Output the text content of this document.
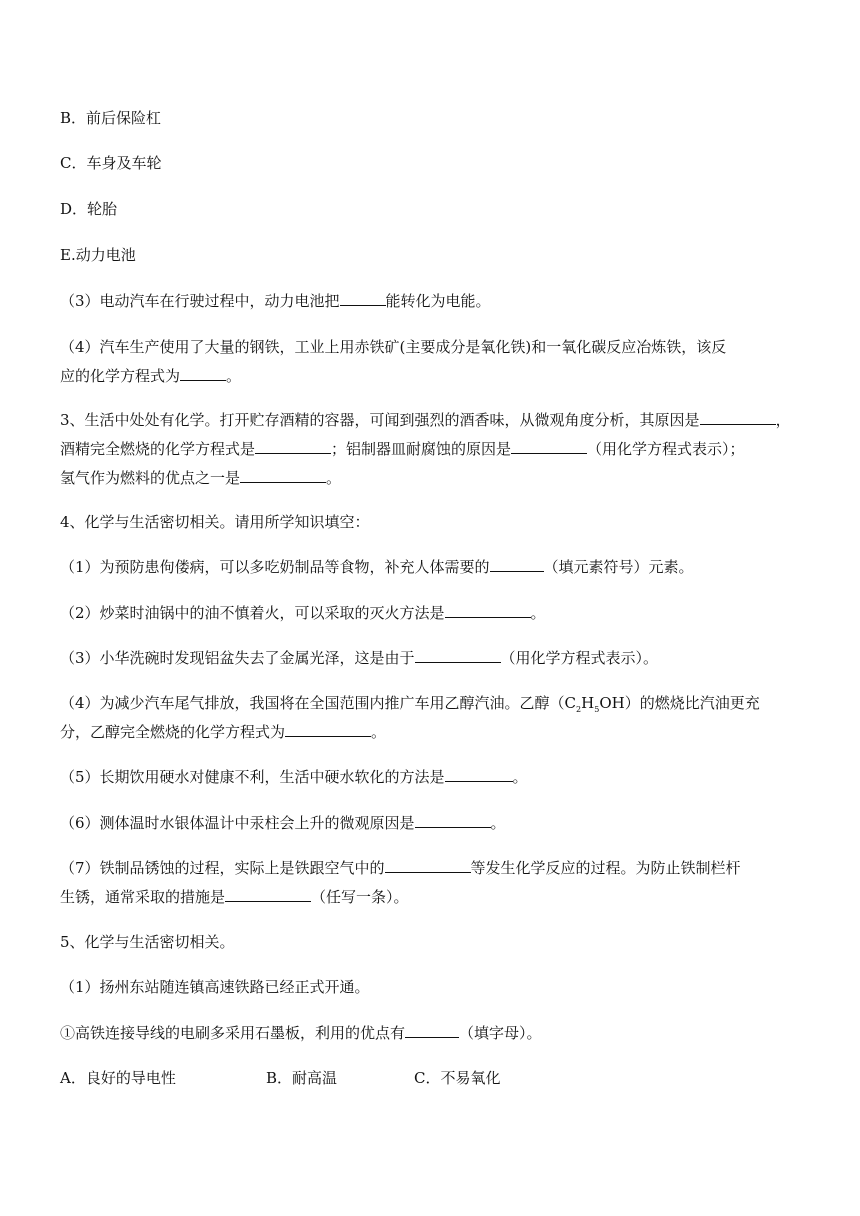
B．前后保险杠
C．车身及车轮
D．轮胎
E.动力电池
（3）电动汽车在行驶过程中，动力电池把	能转化为电能。
（4）汽车生产使用了大量的钢铁，工业上用赤铁矿(主要成分是氧化铁)和一氧化碳反应冶炼铁，该反
应的化学方程式为	。
3、生活中处处有化学。打开贮存酒精的容器，可闻到强烈的酒香味，从微观角度分析，其原因是	，
酒精完全燃烧的化学方程式是	；铝制器皿耐腐蚀的原因是	（用化学方程式表示）；
氢气作为燃料的优点之一是	。
4、化学与生活密切相关。请用所学知识填空：
（1）为预防患佝偻病，可以多吃奶制品等食物，补充人体需要的	（填元素符号）元素。
（2）炒菜时油锅中的油不慎着火，可以采取的灭火方法是	。
（3）小华洗碗时发现铝盆失去了金属光泽，这是由于	（用化学方程式表示）。
（4）为减少汽车尾气排放，我国将在全国范围内推广车用乙醇汽油。乙醇$(C_2H_5OH)$的燃烧比汽油更充
分，乙醇完全燃烧的化学方程式为	。
（5）长期饮用硬水对健康不利，生活中硬水软化的方法是	。
（6）测体温时水银体温计中汞柱会上升的微观原因是	。
（7）铁制品锈蚀的过程，实际上是铁跟空气中的	等发生化学反应的过程。为防止铁制栏杆
生锈，通常采取的措施是	（任写一条）。
5、化学与生活密切相关。
（1）扬州东站随连镇高速铁路已经正式开通。
①高铁连接导线的电刷多采用石墨板，利用的优点有	（填字母）。
A．良好的导电性	B．耐高温	C．不易氧化
